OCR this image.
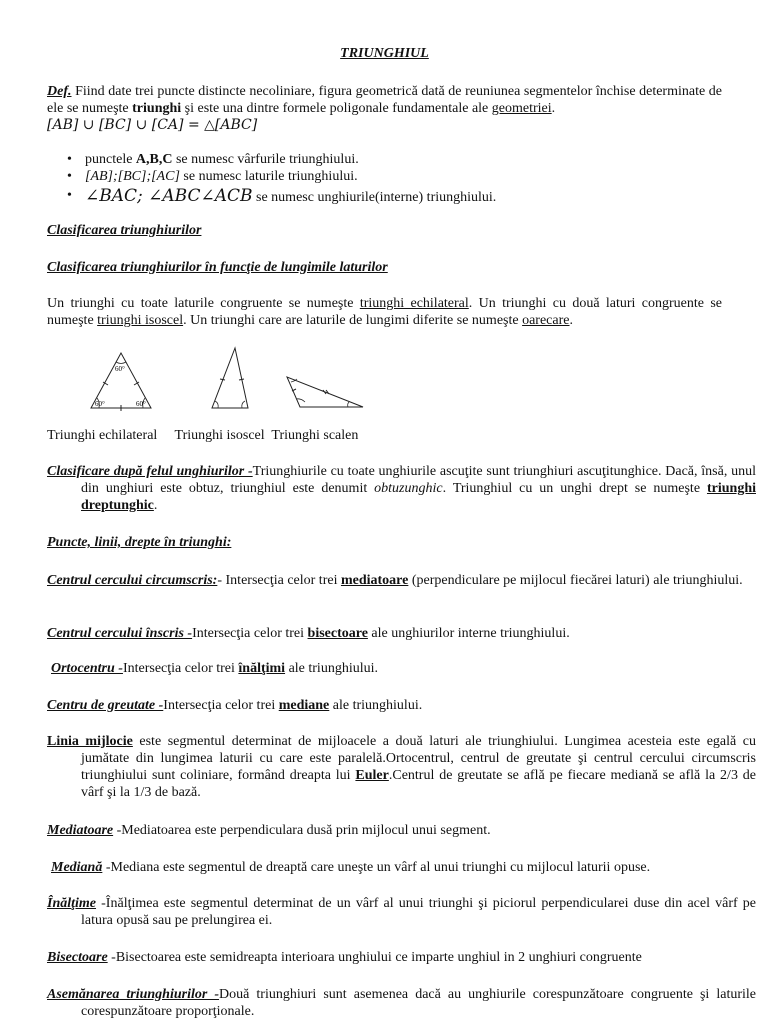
TRIUNGHIUL
Def. Fiind date trei puncte distincte necoliniare, figura geometrică dată de reuniunea segmentelor închise determinate de ele se numeşte triunghi şi este una dintre formele poligonale fundamentale ale geometriei.
[AB] ∪ [BC] ∪ [CA] = △[ABC]
• punctele A,B,C se numesc vârfurile triunghiului.
• [AB];[BC];[AC] se numesc laturile triunghiului.
• ∠BAC; ∠ABC∠ACB se numesc unghiurile(interne) triunghiului.
Clasificarea triunghiurilor
Clasificarea triunghiurilor în funcţie de lungimile laturilor
Un triunghi cu toate laturile congruente se numeşte triunghi echilateral. Un triunghi cu două laturi congruente se numeşte triunghi isoscel. Un triunghi care are laturile de lungimi diferite se numeşte oarecare.
60°
60°	60°
Triunghi echilateral     Triunghi isoscel  Triunghi scalen
Clasificare după felul unghiurilor -Triunghiurile cu toate unghiurile ascuţite sunt triunghiuri ascuţitunghice. Dacă, însă, unul din unghiuri este obtuz, triunghiul este denumit obtuzunghic. Triunghiul cu un unghi drept se numeşte triunghi dreptunghic.
Puncte, linii, drepte în triunghi:
Centrul cercului circumscris:- Intersecţia celor trei mediatoare (perpendiculare pe mijlocul fiecărei laturi) ale triunghiului.
Centrul cercului înscris -Intersecţia celor trei bisectoare ale unghiurilor interne triunghiului.
Ortocentru -Intersecţia celor trei înălţimi ale triunghiului.
Centru de greutate -Intersecţia celor trei mediane ale triunghiului.
Linia mijlocie este segmentul determinat de mijloacele a două laturi ale triunghiului. Lungimea acesteia este egală cu jumătate din lungimea laturii cu care este paralelă.Ortocentrul, centrul de greutate şi centrul cercului circumscris triunghiului sunt coliniare, formând dreapta lui Euler.Centrul de greutate se află pe fiecare mediană se află la 2/3 de vârf şi la 1/3 de bază.
Mediatoare -Mediatoarea este perpendiculara dusă prin mijlocul unui segment.
Mediană -Mediana este segmentul de dreaptă care uneşte un vârf al unui triunghi cu mijlocul laturii opuse.
Înălţime -Înălţimea este segmentul determinat de un vârf al unui triunghi şi piciorul perpendicularei duse din acel vârf pe latura opusă sau pe prelungirea ei.
Bisectoare -Bisectoarea este semidreapta interioara unghiului ce imparte unghiul in 2 unghiuri congruente
Asemănarea triunghiurilor -Două triunghiuri sunt asemenea dacă au unghiurile corespunzătoare congruente şi laturile corespunzătoare proporţionale.
